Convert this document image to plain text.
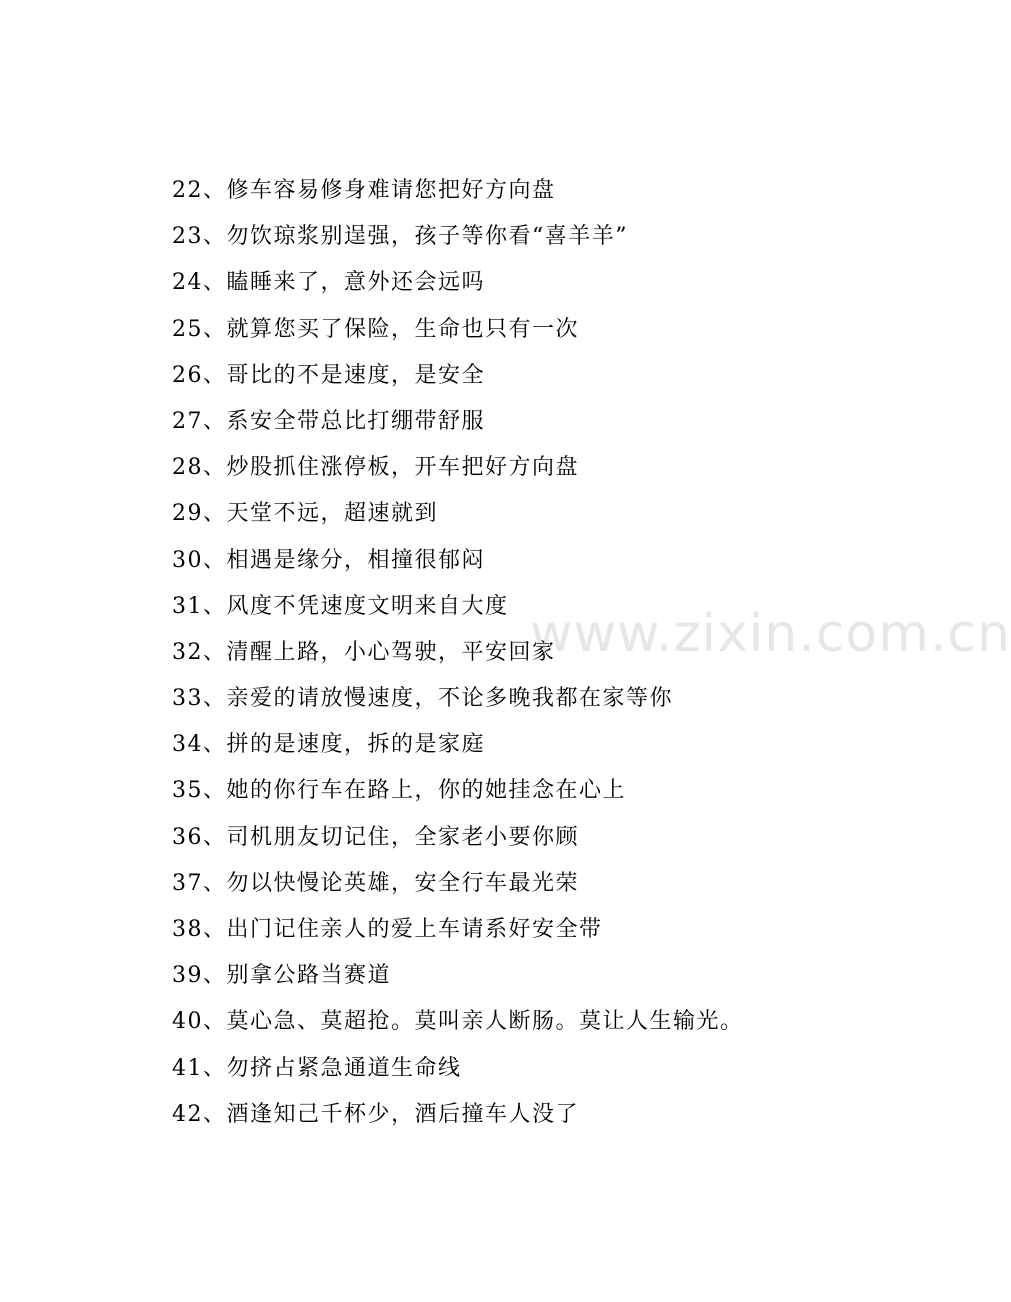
www.zixin.com.cn
22、修车容易修身难请您把好方向盘
23、勿饮琼浆别逞强，孩子等你看“喜羊羊”
24、瞌睡来了，意外还会远吗
25、就算您买了保险，生命也只有一次
26、哥比的不是速度，是安全
27、系安全带总比打绷带舒服
28、炒股抓住涨停板，开车把好方向盘
29、天堂不远，超速就到
30、相遇是缘分，相撞很郁闷
31、风度不凭速度文明来自大度
32、清醒上路，小心驾驶，平安回家
33、亲爱的请放慢速度，不论多晚我都在家等你
34、拼的是速度，拆的是家庭
35、她的你行车在路上，你的她挂念在心上
36、司机朋友切记住，全家老小要你顾
37、勿以快慢论英雄，安全行车最光荣
38、出门记住亲人的爱上车请系好安全带
39、别拿公路当赛道
40、莫心急、莫超抢。莫叫亲人断肠。莫让人生输光。
41、勿挤占紧急通道生命线
42、酒逢知己千杯少，酒后撞车人没了
